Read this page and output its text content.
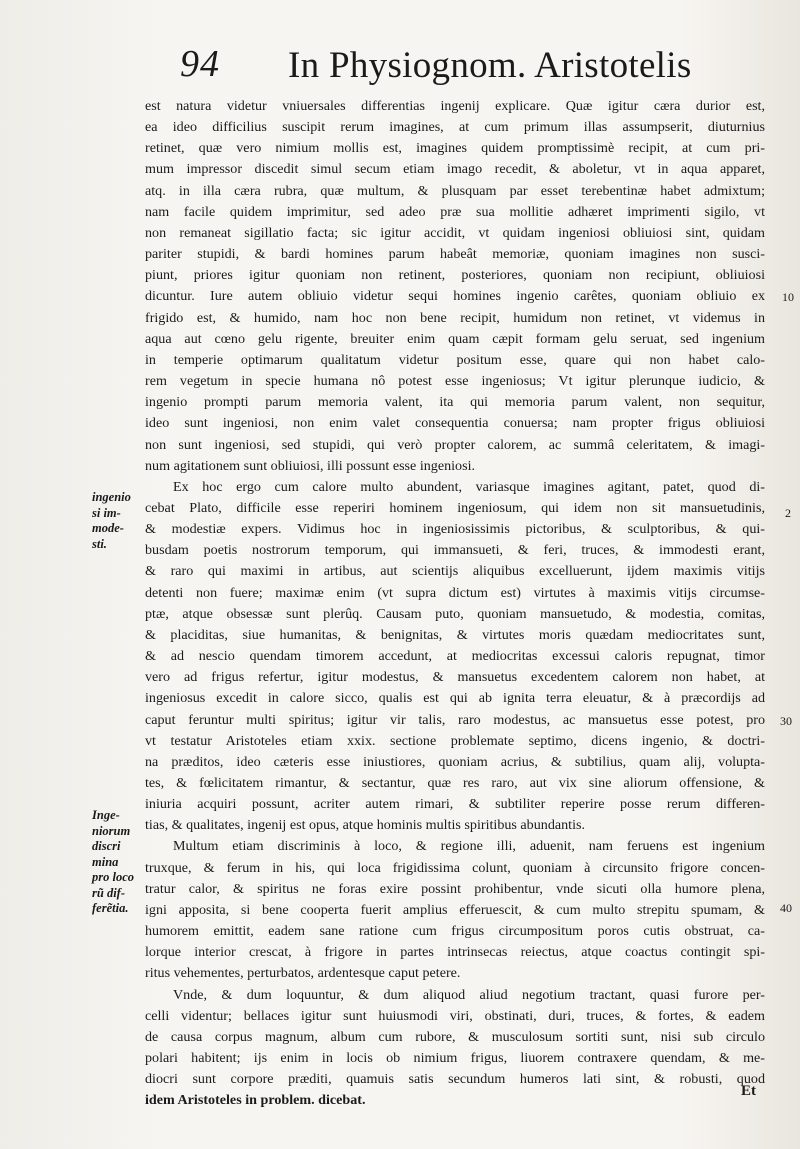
94 In Physiognom. Aristotelis
ingenio
si im-
mode-
sti.
Inge-
niorum
discri
mina
pro loco
rũ dif-
ferẽtia.
10
2
30
40
est natura videtur vniuersales differentias ingenij explicare. Quæ igitur cæra durior est,
ea ideo difficilius suscipit rerum imagines, at cum primum illas assumpserit, diuturnius
retinet, quæ vero nimium mollis est, imagines quidem promptissimè recipit, at cum pri-
mum impressor discedit simul secum etiam imago recedit, & aboletur, vt in aqua apparet,
atq. in illa cæra rubra, quæ multum, & plusquam par esset terebentinæ habet admixtum;
nam facile quidem imprimitur, sed adeo præ sua mollitie adhæret imprimenti sigilo, vt
non remaneat sigillatio facta; sic igitur accidit, vt quidam ingeniosi obliuiosi sint, quidam
pariter stupidi, & bardi homines parum habeât memoriæ, quoniam imagines non susci-
piunt, priores igitur quoniam non retinent, posteriores, quoniam non recipiunt, obliuiosi
dicuntur. Iure autem obliuio videtur sequi homines ingenio carêtes, quoniam obliuio ex
frigido est, & humido, nam hoc non bene recipit, humidum non retinet, vt videmus in
aqua aut cœno gelu rigente, breuiter enim quam cæpit formam gelu seruat, sed ingenium
in temperie optimarum qualitatum videtur positum esse, quare qui non habet calo-
rem vegetum in specie humana nô potest esse ingeniosus; Vt igitur plerunque iudicio, &
ingenio prompti parum memoria valent, ita qui memoria parum valent, non sequitur,
ideo sunt ingeniosi, non enim valet consequentia conuersa; nam propter frigus obliuiosi
non sunt ingeniosi, sed stupidi, qui verò propter calorem, ac summâ celeritatem, & imagi-
num agitationem sunt obliuiosi, illi possunt esse ingeniosi.
Ex hoc ergo cum calore multo abundent, variasque imagines agitant, patet, quod di-
cebat Plato, difficile esse reperiri hominem ingeniosum, qui idem non sit mansuetudinis,
& modestiæ expers. Vidimus hoc in ingeniosissimis pictoribus, & sculptoribus, & qui-
busdam poetis nostrorum temporum, qui immansueti, & feri, truces, & immodesti erant,
& raro qui maximi in artibus, aut scientijs aliquibus excelluerunt, ijdem maximis vitijs
detenti non fuere; maximæ enim (vt supra dictum est) virtutes à maximis vitijs circumse-
ptæ, atque obsessæ sunt plerûq. Causam puto, quoniam mansuetudo, & modestia, comitas,
& placiditas, siue humanitas, & benignitas, & virtutes moris quædam mediocritates sunt,
& ad nescio quendam timorem accedunt, at mediocritas excessui caloris repugnat, timor
vero ad frigus refertur, igitur modestus, & mansuetus excedentem calorem non habet, at
ingeniosus excedit in calore sicco, qualis est qui ab ignita terra eleuatur, & à præcordijs ad
caput feruntur multi spiritus; igitur vir talis, raro modestus, ac mansuetus esse potest, pro
vt testatur Aristoteles etiam xxix. sectione problemate septimo, dicens ingenio, & doctri-
na præditos, ideo cæteris esse iniustiores, quoniam acrius, & subtilius, quam alij, volupta-
tes, & fœlicitatem rimantur, & sectantur, quæ res raro, aut vix sine aliorum offensione, &
iniuria acquiri possunt, acriter autem rimari, & subtiliter reperire posse rerum differen-
tias, & qualitates, ingenij est opus, atque hominis multis spiritibus abundantis.
Multum etiam discriminis à loco, & regione illi, aduenit, nam feruens est ingenium
truxque, & ferum in his, qui loca frigidissima colunt, quoniam à circunsito frigore concen-
tratur calor, & spiritus ne foras exire possint prohibentur, vnde sicuti olla humore plena,
igni apposita, si bene cooperta fuerit amplius efferuescit, & cum multo strepitu spumam, &
humorem emittit, eadem sane ratione cum frigus circumpositum poros cutis obstruat, ca-
lorque interior crescat, à frigore in partes intrinsecas reiectus, atque coactus contingit spi-
ritus vehementes, perturbatos, ardentesque caput petere.
Vnde, & dum loquuntur, & dum aliquod aliud negotium tractant, quasi furore per-
celli videntur; bellaces igitur sunt huiusmodi viri, obstinati, duri, truces, & fortes, & eadem
de causa corpus magnum, album cum rubore, & musculosum sortiti sunt, nisi sub circulo
polari habitent; ijs enim in locis ob nimium frigus, liuorem contraxere quendam, & me-
diocri sunt corpore præditi, quamuis satis secundum humeros lati sint, & robusti, quod
idem Aristoteles in problem. dicebat.
Et
